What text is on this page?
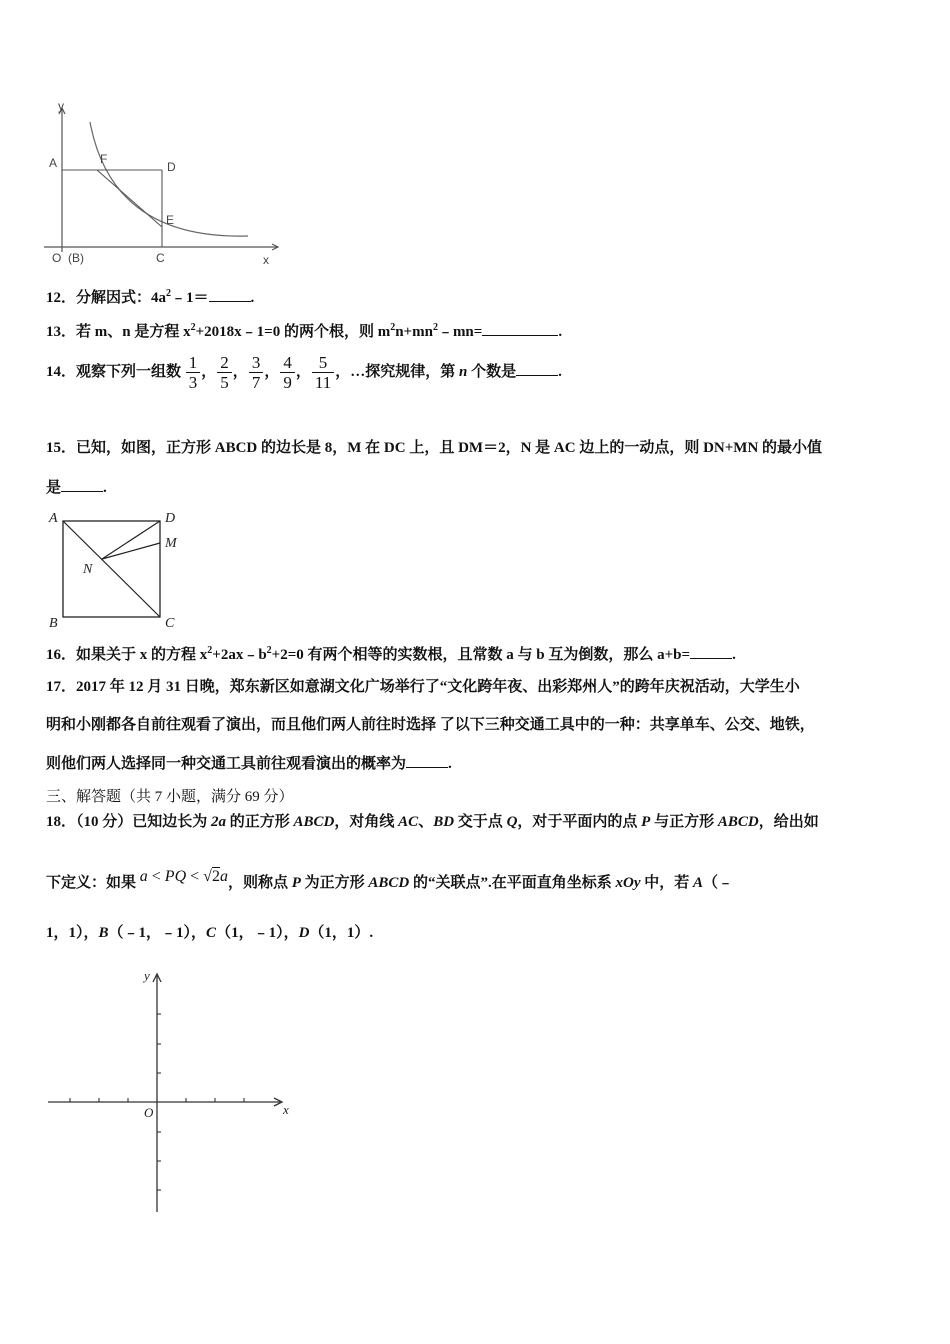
y
x
A	F
D
E
O (B)	C
12．分解因式：$4a^2﹣1=$	.
13．若 m、n 是方程 $x^2+2018x﹣1=0$ 的两个根，则 $m^2n+mn^2﹣mn=$	.
14．观察下列一组数 $\frac{1}{3}$ ， $\frac{2}{5}$ ， $\frac{3}{7}$ ， $\frac{4}{9}$ ， $\frac{5}{11}$ ，…探究规律，第 n 个数是	.
15．已知，如图，正方形 ABCD 的边长是 8，M 在 DC 上，且 DM＝2，N 是 AC 边上的一动点，则 DN+MN 的最小值
是	.
A	D
M
N
B	C
16．如果关于 x 的方程 $x^2+2ax﹣b^2+2=0$ 有两个相等的实数根，且常数 a 与 b 互为倒数，那么 a+b=	.
17．2017 年 12 月 31 日晚，郑东新区如意湖文化广场举行了“文化跨年夜、出彩郑州人”的跨年庆祝活动，大学生小
明和小刚都各自前往观看了演出，而且他们两人前往时选择 了以下三种交通工具中的一种：共享单车、公交、地铁，
则他们两人选择同一种交通工具前往观看演出的概率为	.
三、解答题（共 7 小题，满分 69 分）
18．（10 分）已知边长为 2a 的正方形 ABCD，对角线 AC、BD 交于点 Q，对于平面内的点 P 与正方形 ABCD，给出如
下定义：如果 a < PQ < √2a，则称点 P 为正方形 ABCD 的“关联点”.在平面直角坐标系 xOy 中，若 A（﹣
1，1），B（﹣1，﹣1），C（1，﹣1），D（1，1）.
y
x
O
